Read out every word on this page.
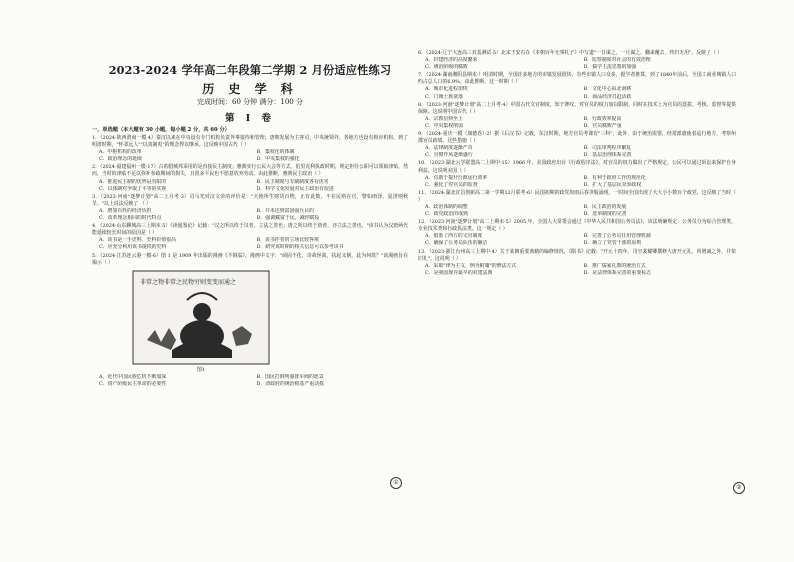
2023-2024 学年高二年段第二学期 2 月份适应性练习
历 史 学 科
完成时间：60 分钟 满分：100 分
第 Ⅰ 卷
一、单选题（本大题有 30 小题，每小题 2 分，共 60 分）
1．（2024·陕西渭南一模·4）秦汉以来在中央设有专门机构负责外事接待和管理；唐朝发展为主客司，中央统领外，各地方也设有相应机构，到了明清时期，"怀柔远人""以夷制夷"的理念得以继承。这反映中国古代（ ）
A．中枢机构的改革	B．集权化的体制
C．政治理念的延续	D．中央集权的强化
2．（2024·福建福州一模·17）古希腊城邦采用的是直接民主制度；雅典实行公民大会等方式。伯里克利执政时期，规定担任公职可以领取津贴，然而，当时的津贴不足以弥补参政期间的损失，且很多平民也不愿意放弃劳动。由此推断，雅典民主政治（ ）
A．推进民主制的优势是有限的	B．民主制度与专制制度各有优劣
C．以体制对争取了平等的实现	D．科学文化发展对民主政治有促进
3．（2023·河南"逐梦计划"高二上月考·3）司马光对汉文帝的评价是："天地所生财货百物，止有此数，不在民则在官，譬如雨泽，夏涝则秋旱。"以上说法反映了 （ ）
A．增加百姓的经济负担	B．并未达到富国强兵目的
C．改革理念相同的时代特点	D．强调藏富于民，减轻赋役
4．（2024·山东聊城高三上期末·5）《读通鉴论》记载："汉之所以终于汉者，立法之善也；唐之所以终于唐者，亦立法之善也。"该书认为汉唐两代能延续较长时间的原因是（ ）
A．该书是一手史料，史料价值很高	B．该书作者的立场比较客观
C．应充分利用该书提供的史料	D．研究该时期的相关信息可以参考该书
5．（2024·江苏连云港一模·6）图 1 是 1909 年出版的漫画《不倒翁》。漫画中文字："顽固不化，奇哉怪哉，扶起又倒，此为何故？"该漫画旨在揭示（ ）
非常之物非常之民物穷则变变而通之
图1
A．近代中国民族危机不断加深	B．国民打倒列强排军阀的愿景
C．资产阶级民主革命的必要性	D．清政府的统治根基严重动摇
6．（2024·辽宁大连高三双基测试·5）北宋王安石在《本朝百年无事札子》中写道"一日谋之，一月谋之，翻来覆去，终归无用"，反映了（ ）
A．封建经济的高度繁荣	B．监察制度对社会的有效治理
C．统治阶级的腐败	D．儒学主流思想的加强
7．（2024·湖南湘阴县期末·）明清时期，全国许多地方的市镇发展很快，有些市镇人口众多，据学者推算，到了1840年前后，全国工商业城镇人口约占总人口的6.9%。由此推断，这一时期（ ）
A．城市化进程加快	B．文化中心由北南移
C．门阀士族衰落	D．商品经济日趋活跃
8．（2023·河南"逐梦计划"高二上月考·4）中国古代文官制度，知于赛纹，对官员的权力加以限制，同时在技术上为官员的选拔、考核、监督等提供保障。这说明中国古代（ ）
A．宗教信仰至上	B．行政效率提高
C．中央集权削弱	D．官员腐败严重
9．（2024·重庆一模（康德卷）·2）据《后汉书》记载，东汉时期，地方官员考课有"三科"，此外，由于统治需要，经常派遣使者巡行地方，考察州郡官员政绩。这些措施（ ）
A．法律制度逐渐严苛	B．司法审判程序繁复
C．官僚作风逐渐盛行	D．基层治理体系完善
10．（2023·湖北云学联盟高二上期中·15）1966 年，美国政府出台《行政程序法》，对官员的权力做出了严格规定，公民可以通过诉讼来保护自身利益，这说明美国（ ）
A．有助于提升行政运行效率	B．有利于政府工作的规范化
C．强化了对官员的监督	D．扩大了基层民众参政权
11．（2024·湖北宜昌创新高二第一学期12月联考·6）民国初期的政党如雨后春笋般涌现，一时间全国出现了大大小小数百个政党。这反映了当时（ ）
A．政治体制的调整	B．民主政治的发展
C．政党政治的成熟	D．选举制度的完善
12．（2023·河南"逐梦计划"高二上期末·5）2005 年，全国人大常委会通过《中华人民共和国公务员法》，该法明确规定：公务员分为综合管理类、专业技术类和行政执法类。这一规定（ ）
A．借鉴了西方的文官制度	B．完善了公务员任用管理机制
C．确保了公务员队伍的廉洁	D．确立了党管干部的原则
13．（2023·浙江台州高三上期中·4）关于某朝重要典籍的编修情况，《隋书》记载："开元十四年，司空裴耀卿撰修大唐开元礼，所增减之外，并依旧礼"。这说明（ ）
A．采取"律为主文，例为附庸"的修法方式	B．推广儒家礼教的统治方式
C．是我国现存最早的封建法典	D．是法律体系完善的重要标志
①
②
